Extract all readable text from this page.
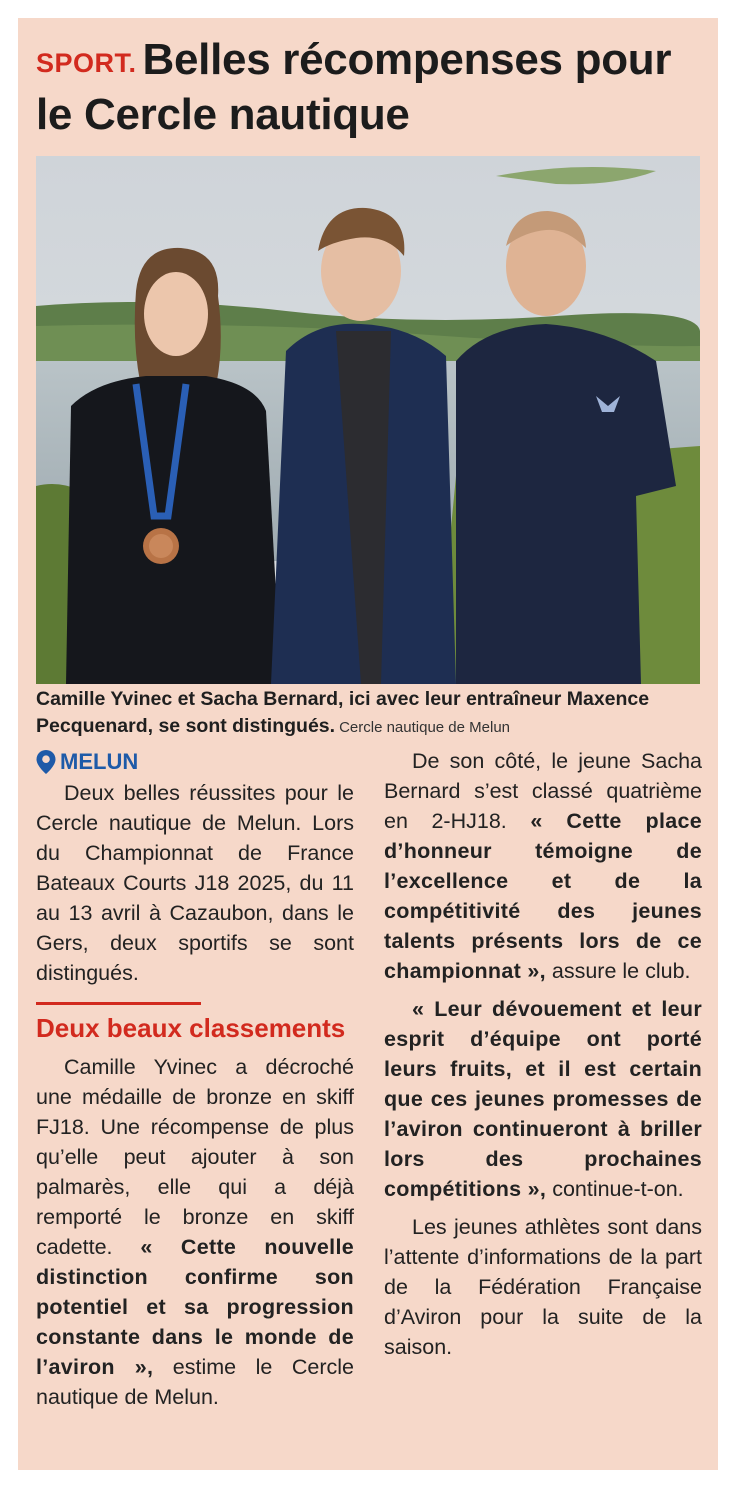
SPORT. Belles récompenses pour le Cercle nautique
Camille Yvinec et Sacha Bernard, ici avec leur entraîneur Maxence Pecquenard, se sont distingués. Cercle nautique de Melun
MELUN

Deux belles réussites pour le Cercle nautique de Melun. Lors du Championnat de France Bateaux Courts J18 2025, du 11 au 13 avril à Cazaubon, dans le Gers, deux sportifs se sont distingués.

Deux beaux classements

Camille Yvinec a décroché une médaille de bronze en skiff FJ18. Une récompense de plus qu’elle peut ajouter à son palmarès, elle qui a déjà remporté le bronze en skiff cadette. « Cette nouvelle distinction confirme son potentiel et sa progression constante dans le monde de l’aviron », estime le Cercle nautique de Melun.

De son côté, le jeune Sacha Bernard s’est classé quatrième en 2-HJ18. « Cette place d’honneur témoigne de l’excellence et de la compétitivité des jeunes talents présents lors de ce championnat », assure le club.

« Leur dévouement et leur esprit d’équipe ont porté leurs fruits, et il est certain que ces jeunes promesses de l’aviron continueront à briller lors des prochaines compétitions », continue-t-on.

Les jeunes athlètes sont dans l’attente d’informations de la part de la Fédération Française d’Aviron pour la suite de la saison.
